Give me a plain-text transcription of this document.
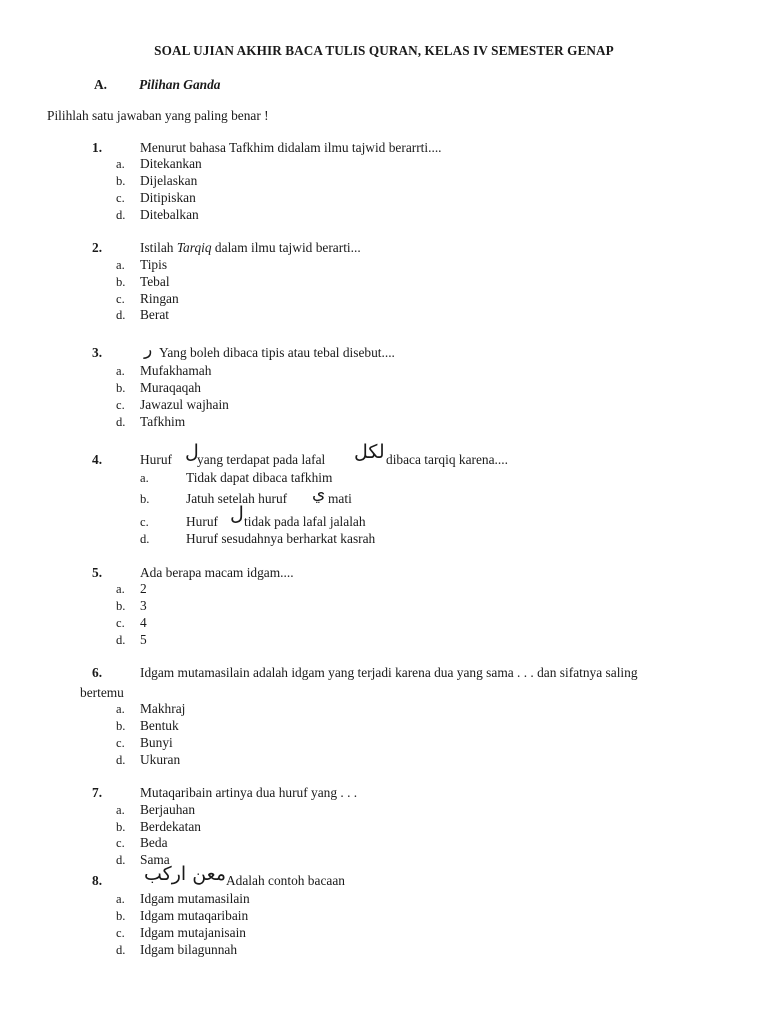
SOAL UJIAN AKHIR BACA TULIS QURAN, KELAS IV SEMESTER GENAP
A. Pilihan Ganda
Pilihlah satu jawaban yang paling benar !
1.	Menurut bahasa Tafkhim didalam ilmu tajwid berarrti....
a. Ditekankan
b. Dijelaskan
c. Ditipiskan
d. Ditebalkan
2.	Istilah Tarqiq dalam ilmu tajwid berarti...
a. Tipis
b. Tebal
c. Ringan
d. Berat
3. ر Yang boleh dibaca tipis atau tebal disebut....
a. Mufakhamah
b. Muraqaqah
c. Jawazul wajhain
d. Tafkhim
4.	Huruf ل
yang terdapat pada lafal لكل dibaca tarqiq karena....
a.	Tidak dapat dibaca tafkhim
b.	Jatuh setelah huruf ي mati
c.	Huruf ل tidak pada lafal jalalah
d.	Huruf sesudahnya berharkat kasrah
5.	Ada berapa macam idgam....
a. 2
b. 3
c. 4
d. 5
6.	Idgam mutamasilain adalah idgam yang terjadi karena dua yang sama . . . dan sifatnya saling
bertemu
a. Makhraj
b. Bentuk
c. Bunyi
d. Ukuran
7.	Mutaqaribain artinya dua huruf yang . . .
a. Berjauhan
b. Berdekatan
c. Beda
d. Sama
8. معن اركب Adalah contoh bacaan
a. Idgam mutamasilain
b. Idgam mutaqaribain
c. Idgam mutajanisain
d. Idgam bilagunnah
